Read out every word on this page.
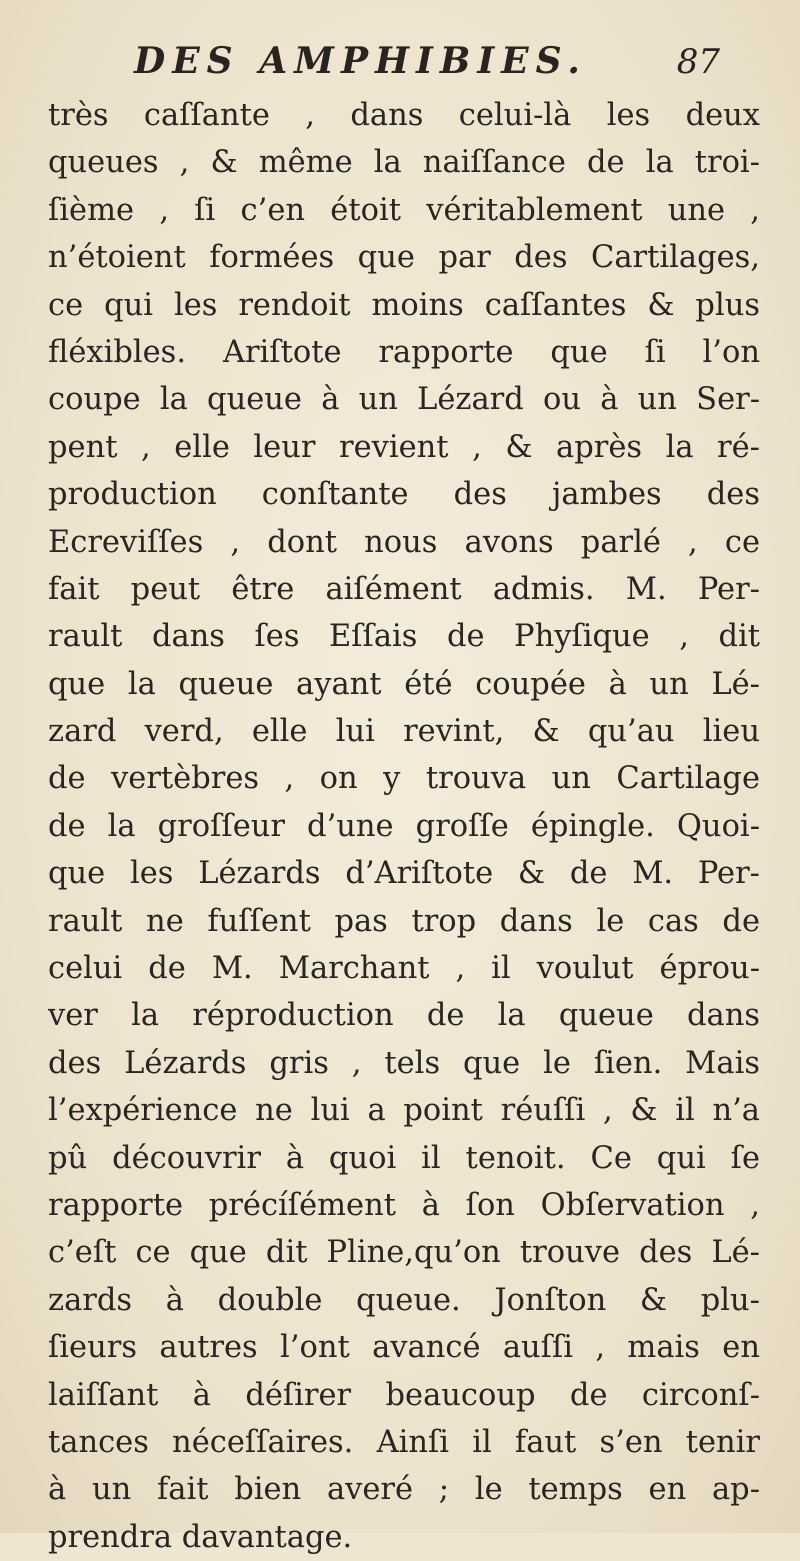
DES AMPHIBIES.	87
très caſſante , dans celui-là les deux
queues , & même la naiſſance de la troi-
ſième , ſi c’en étoit véritablement une ,
n’étoient formées que par des Cartilages,
ce qui les rendoit moins caſſantes & plus
fléxibles. Ariſtote rapporte que ſi l’on
coupe la queue à un Lézard ou à un Ser-
pent , elle leur revient , & après la ré-
production conſtante des jambes des
Ecreviſſes , dont nous avons parlé , ce
fait peut être aiſément admis. M. Per-
rault dans ſes Eſſais de Phyſique , dit
que la queue ayant été coupée à un Lé-
zard verd, elle lui revint, & qu’au lieu
de vertèbres , on y trouva un Cartilage
de la groſſeur d’une groſſe épingle. Quoi-
que les Lézards d’Ariſtote & de M. Per-
rault ne fuſſent pas trop dans le cas de
celui de M. Marchant , il voulut éprou-
ver la réproduction de la queue dans
des Lézards gris , tels que le ſien. Mais
l’expérience ne lui a point réuſſi , & il n’a
pû découvrir à quoi il tenoit. Ce qui ſe
rapporte précíſément à ſon Obſervation ,
c’eſt ce que dit Pline,qu’on trouve des Lé-
zards à double queue. Jonſton & plu-
ſieurs autres l’ont avancé auſſi , mais en
laiſſant à déſirer beaucoup de circonſ-
tances néceſſaires. Ainſi il faut s’en tenir
à un fait bien averé ; le temps en ap-
prendra davantage.
